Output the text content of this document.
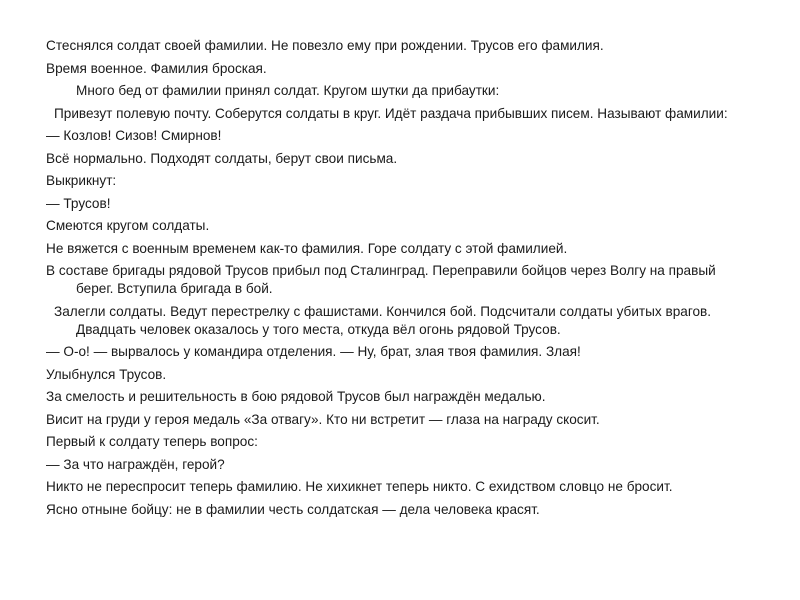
Стеснялся солдат своей фамилии. Не повезло ему при рождении. Трусов его фамилия.

Время военное. Фамилия броская.

Много бед от фамилии принял солдат. Кругом шутки да прибаутки:

Привезут полевую почту. Соберутся солдаты в круг. Идёт раздача прибывших писем. Называют фамилии:

— Козлов! Сизов! Смирнов!

Всё нормально. Подходят солдаты, берут свои письма.

Выкрикнут:

— Трусов!

Смеются кругом солдаты.

Не вяжется с военным временем как-то фамилия. Горе солдату с этой фамилией.

В составе бригады рядовой Трусов прибыл под Сталинград. Переправили бойцов через Волгу на правый берег. Вступила бригада в бой.

Залегли солдаты. Ведут перестрелку с фашистами. Кончился бой. Подсчитали солдаты убитых врагов. Двадцать человек оказалось у того места, откуда вёл огонь рядовой Трусов.

— О-о! — вырвалось у командира отделения. — Ну, брат, злая твоя фамилия. Злая!

Улыбнулся Трусов.

За смелость и решительность в бою рядовой Трусов был награждён медалью.

Висит на груди у героя медаль «За отвагу». Кто ни встретит — глаза на награду скосит.

Первый к солдату теперь вопрос:

— За что награждён, герой?

Никто не переспросит теперь фамилию. Не хихикнет теперь никто. С ехидством словцо не бросит.

Ясно отныне бойцу: не в фамилии честь солдатская — дела человека красят.
